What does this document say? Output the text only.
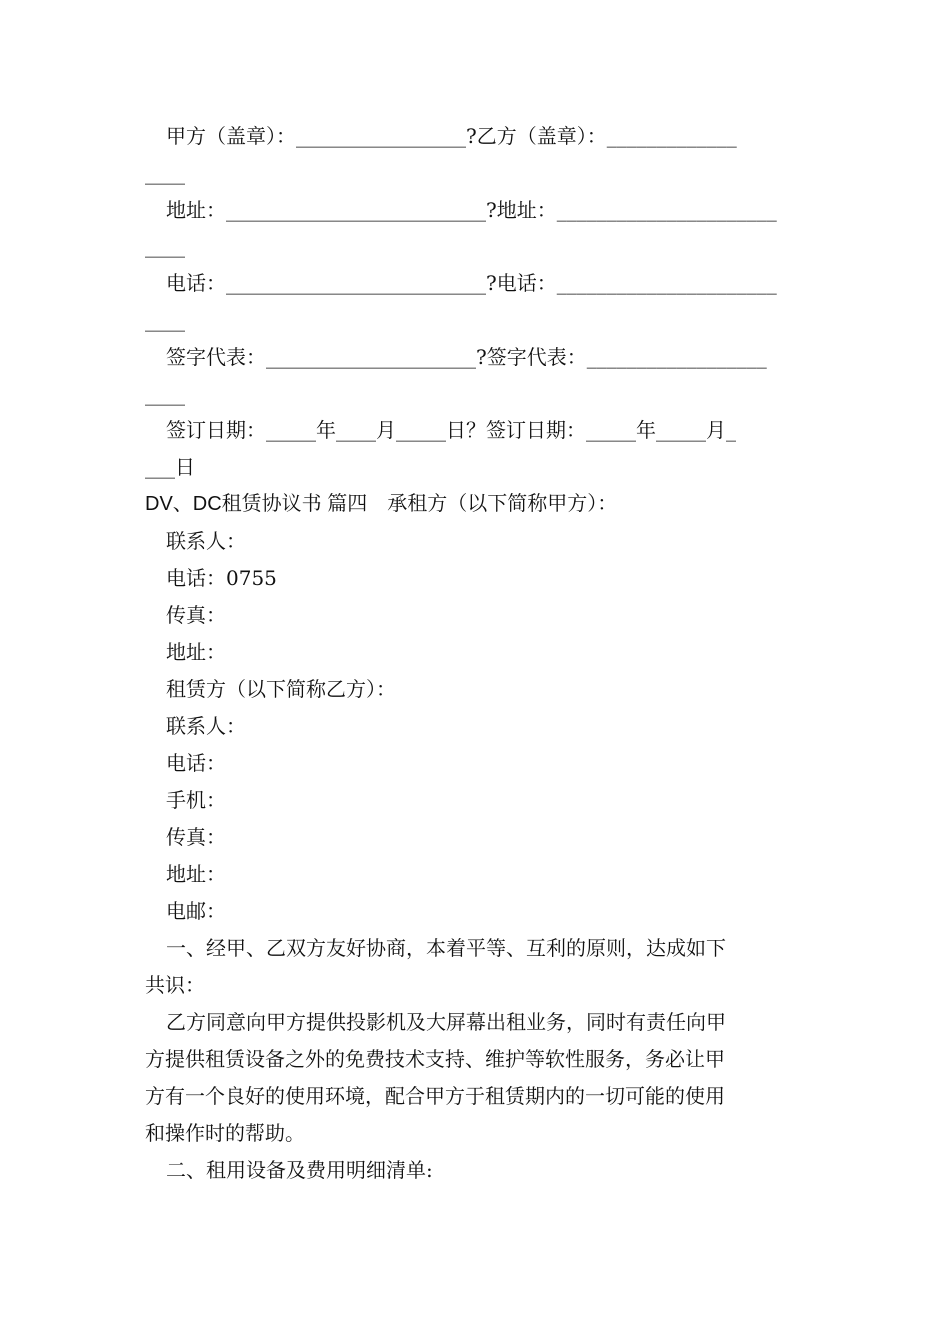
甲方（盖章）：_________________?乙方（盖章）：_____________
____
地址：__________________________?地址：______________________
____
电话：__________________________?电话：______________________
____
签字代表：_____________________?签字代表：__________________
____
签订日期：_____年____月_____日？签订日期：_____年_____月_
___日
DV、DC租赁协议书 篇四　承租方（以下简称甲方）：
联系人：
电话：0755
传真：
地址：
租赁方（以下简称乙方）：
联系人：
电话：
手机：
传真：
地址：
电邮：
一、经甲、乙双方友好协商，本着平等、互利的原则，达成如下
共识：
乙方同意向甲方提供投影机及大屏幕出租业务，同时有责任向甲
方提供租赁设备之外的免费技术支持、维护等软性服务，务必让甲
方有一个良好的使用环境，配合甲方于租赁期内的一切可能的使用
和操作时的帮助。
二、租用设备及费用明细清单:
